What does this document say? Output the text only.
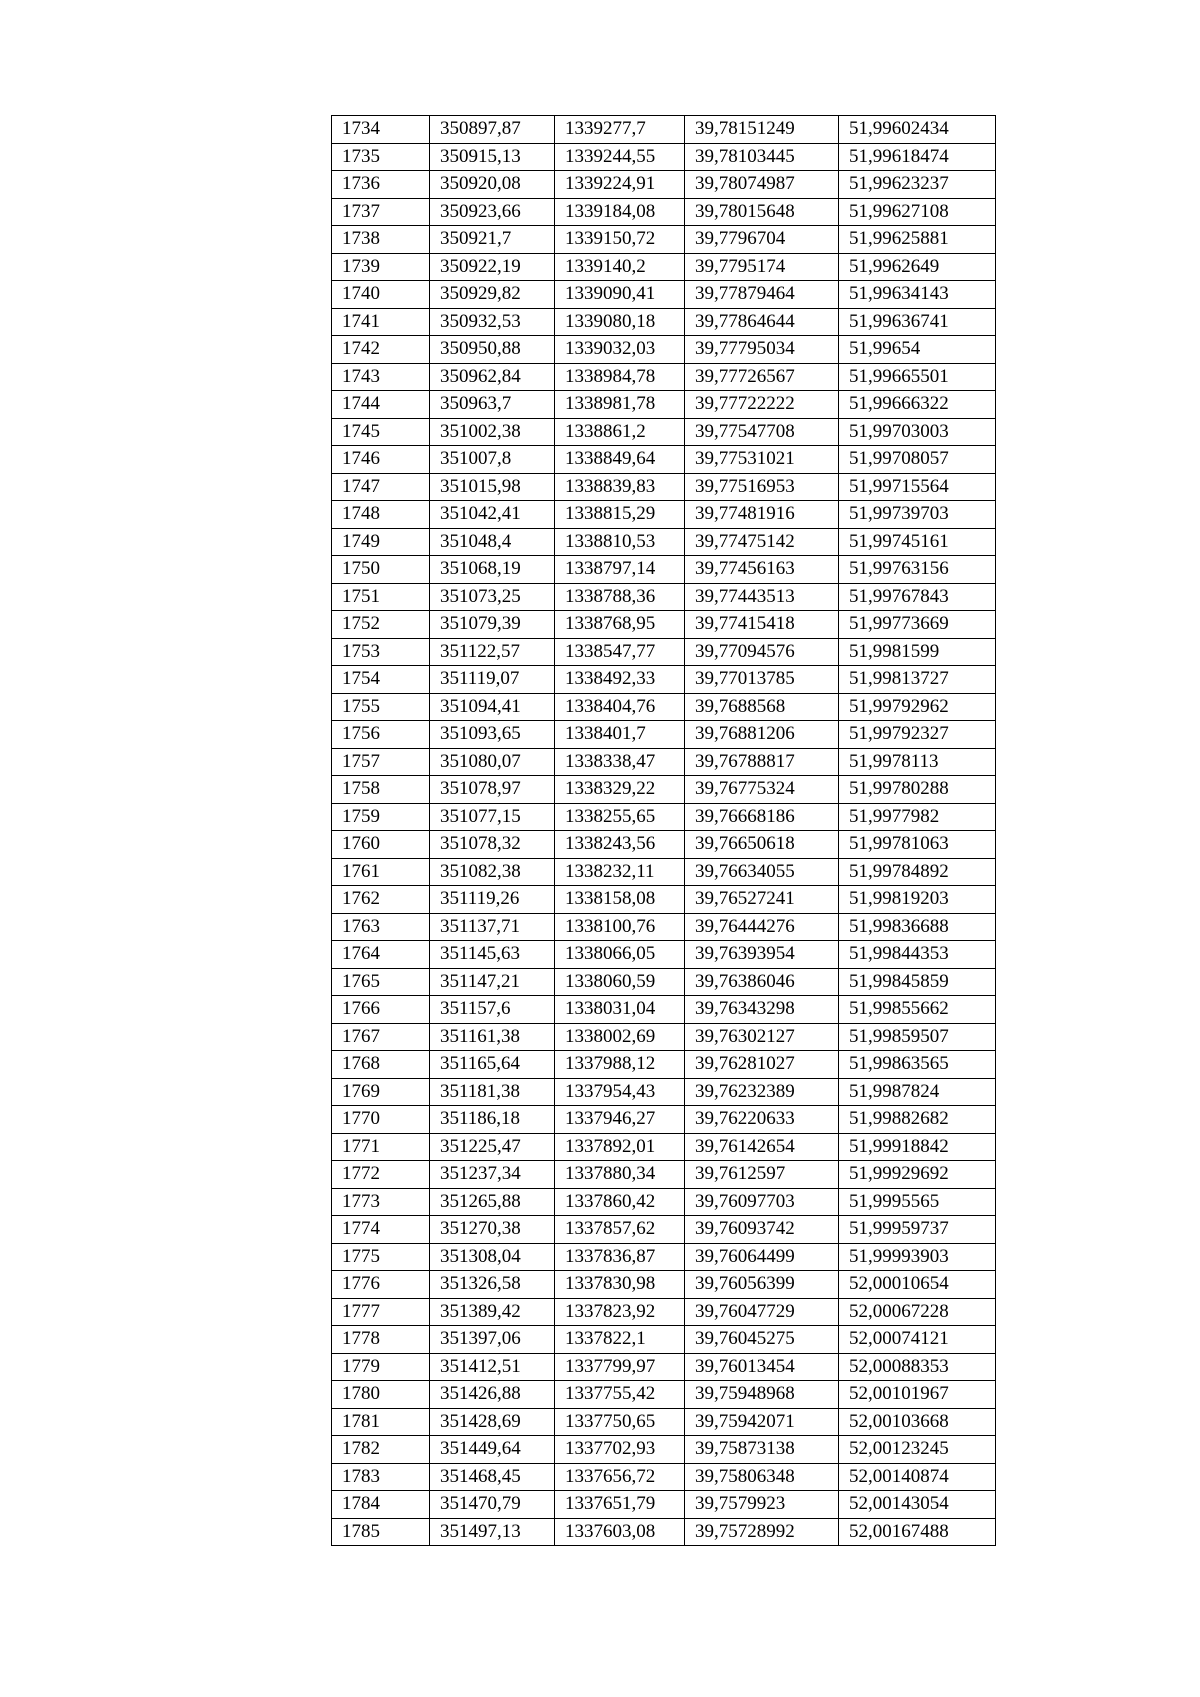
1734	350897,87	1339277,7	39,78151249	51,99602434
1735	350915,13	1339244,55	39,78103445	51,99618474
1736	350920,08	1339224,91	39,78074987	51,99623237
1737	350923,66	1339184,08	39,78015648	51,99627108
1738	350921,7	1339150,72	39,7796704	51,99625881
1739	350922,19	1339140,2	39,7795174	51,9962649
1740	350929,82	1339090,41	39,77879464	51,99634143
1741	350932,53	1339080,18	39,77864644	51,99636741
1742	350950,88	1339032,03	39,77795034	51,99654
1743	350962,84	1338984,78	39,77726567	51,99665501
1744	350963,7	1338981,78	39,77722222	51,99666322
1745	351002,38	1338861,2	39,77547708	51,99703003
1746	351007,8	1338849,64	39,77531021	51,99708057
1747	351015,98	1338839,83	39,77516953	51,99715564
1748	351042,41	1338815,29	39,77481916	51,99739703
1749	351048,4	1338810,53	39,77475142	51,99745161
1750	351068,19	1338797,14	39,77456163	51,99763156
1751	351073,25	1338788,36	39,77443513	51,99767843
1752	351079,39	1338768,95	39,77415418	51,99773669
1753	351122,57	1338547,77	39,77094576	51,9981599
1754	351119,07	1338492,33	39,77013785	51,99813727
1755	351094,41	1338404,76	39,7688568	51,99792962
1756	351093,65	1338401,7	39,76881206	51,99792327
1757	351080,07	1338338,47	39,76788817	51,9978113
1758	351078,97	1338329,22	39,76775324	51,99780288
1759	351077,15	1338255,65	39,76668186	51,9977982
1760	351078,32	1338243,56	39,76650618	51,99781063
1761	351082,38	1338232,11	39,76634055	51,99784892
1762	351119,26	1338158,08	39,76527241	51,99819203
1763	351137,71	1338100,76	39,76444276	51,99836688
1764	351145,63	1338066,05	39,76393954	51,99844353
1765	351147,21	1338060,59	39,76386046	51,99845859
1766	351157,6	1338031,04	39,76343298	51,99855662
1767	351161,38	1338002,69	39,76302127	51,99859507
1768	351165,64	1337988,12	39,76281027	51,99863565
1769	351181,38	1337954,43	39,76232389	51,9987824
1770	351186,18	1337946,27	39,76220633	51,99882682
1771	351225,47	1337892,01	39,76142654	51,99918842
1772	351237,34	1337880,34	39,7612597	51,99929692
1773	351265,88	1337860,42	39,76097703	51,9995565
1774	351270,38	1337857,62	39,76093742	51,99959737
1775	351308,04	1337836,87	39,76064499	51,99993903
1776	351326,58	1337830,98	39,76056399	52,00010654
1777	351389,42	1337823,92	39,76047729	52,00067228
1778	351397,06	1337822,1	39,76045275	52,00074121
1779	351412,51	1337799,97	39,76013454	52,00088353
1780	351426,88	1337755,42	39,75948968	52,00101967
1781	351428,69	1337750,65	39,75942071	52,00103668
1782	351449,64	1337702,93	39,75873138	52,00123245
1783	351468,45	1337656,72	39,75806348	52,00140874
1784	351470,79	1337651,79	39,7579923	52,00143054
1785	351497,13	1337603,08	39,75728992	52,00167488
